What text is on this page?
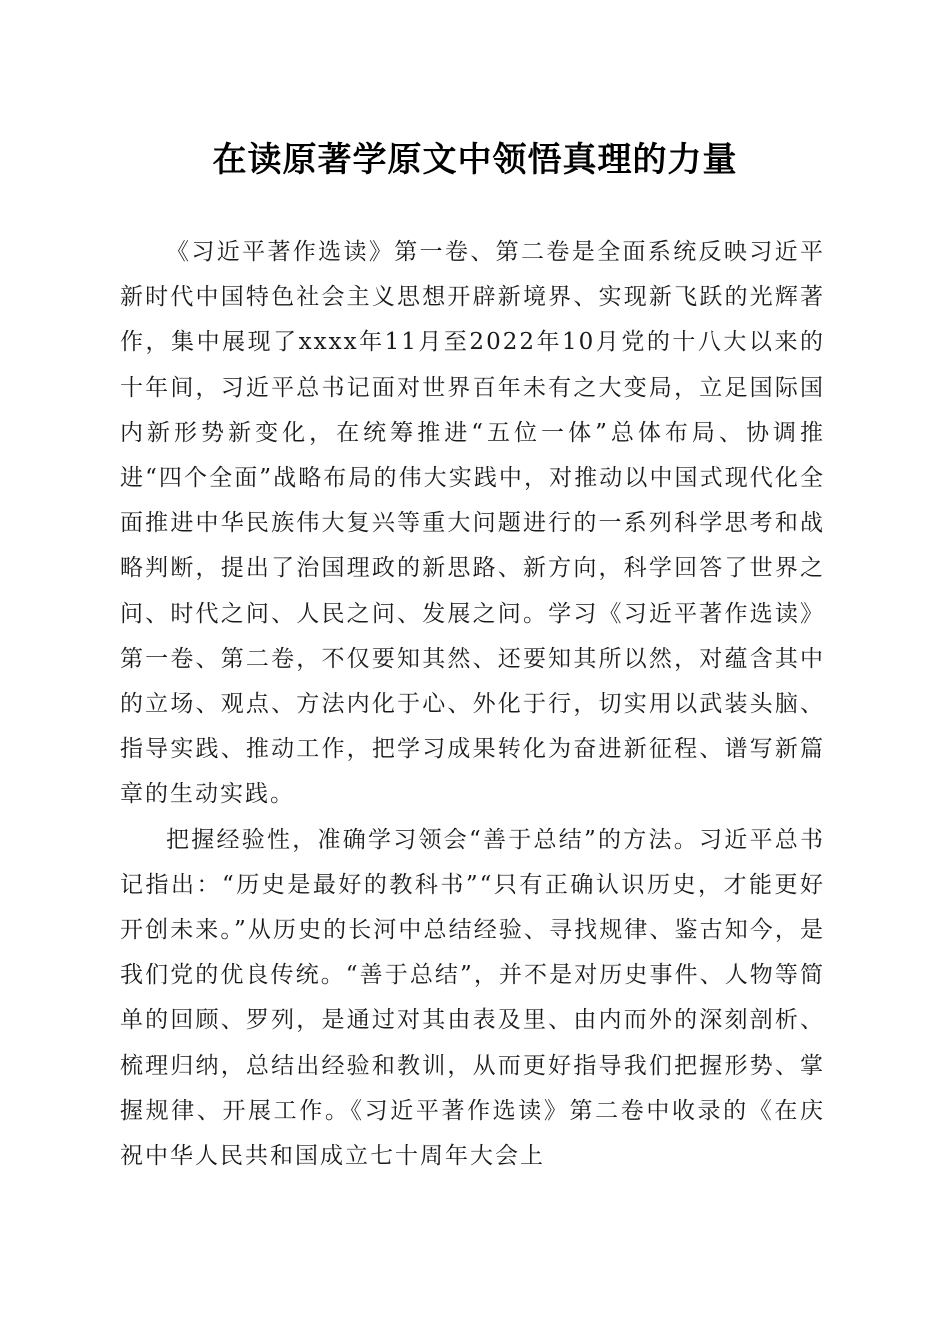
在读原著学原文中领悟真理的力量

《习近平著作选读》第一卷、第二卷是全面系统反映习近平新时代中国特色社会主义思想开辟新境界、实现新飞跃的光辉著作，集中展现了xxxx年11月至2022年10月党的十八大以来的十年间，习近平总书记面对世界百年未有之大变局，立足国际国内新形势新变化，在统筹推进“五位一体”总体布局、协调推进“四个全面”战略布局的伟大实践中，对推动以中国式现代化全面推进中华民族伟大复兴等重大问题进行的一系列科学思考和战略判断，提出了治国理政的新思路、新方向，科学回答了世界之问、时代之问、人民之问、发展之问。学习《习近平著作选读》第一卷、第二卷，不仅要知其然、还要知其所以然，对蕴含其中的立场、观点、方法内化于心、外化于行，切实用以武装头脑、指导实践、推动工作，把学习成果转化为奋进新征程、谱写新篇章的生动实践。

把握经验性，准确学习领会“善于总结”的方法。习近平总书记指出：“历史是最好的教科书”“只有正确认识历史，才能更好开创未来。”从历史的长河中总结经验、寻找规律、鉴古知今，是我们党的优良传统。“善于总结”，并不是对历史事件、人物等简单的回顾、罗列，是通过对其由表及里、由内而外的深刻剖析、梳理归纳，总结出经验和教训，从而更好指导我们把握形势、掌握规律、开展工作。《习近平著作选读》第二卷中收录的《在庆祝中华人民共和国成立七十周年大会上
